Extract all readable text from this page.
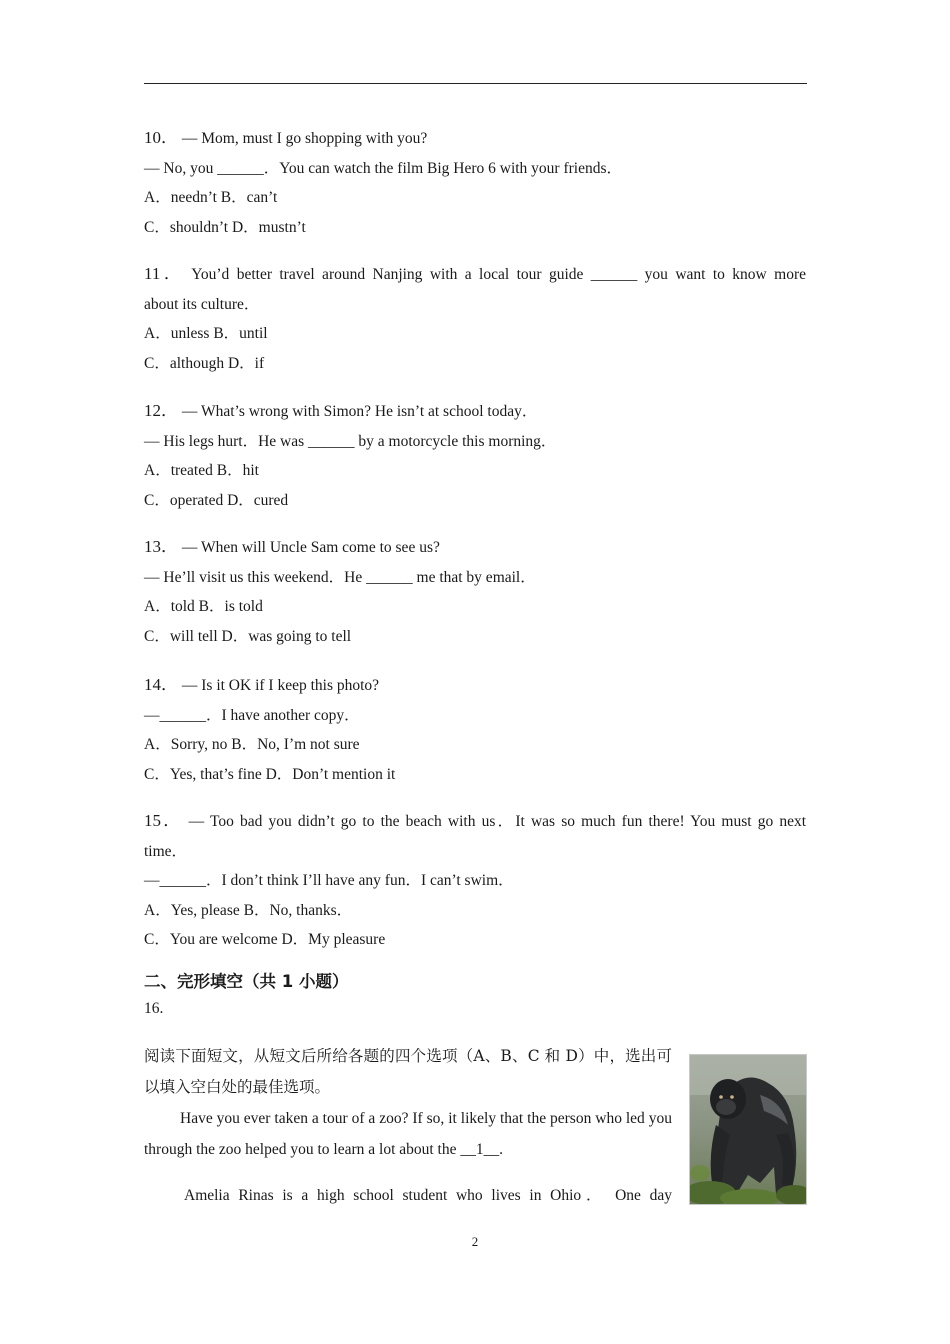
10． — Mom, must I go shopping with you?
— No, you ______．You can watch the film Big Hero 6 with your friends．
A．needn’t B．can’t
C．shouldn’t D．mustn’t
11． You’d better travel around Nanjing with a local tour guide ______ you want to know more
about its culture．
A．unless B．until
C．although D．if
12． — What’s wrong with Simon? He isn’t at school today．
— His legs hurt．He was ______ by a motorcycle this morning．
A．treated B．hit
C．operated D．cured
13． — When will Uncle Sam come to see us?
— He’ll visit us this weekend．He ______ me that by email．
A．told B．is told
C．will tell D．was going to tell
14． — Is it OK if I keep this photo?
—______．I have another copy．
A．Sorry, no B．No, I’m not sure
C．Yes, that’s fine D．Don’t mention it
15． — Too bad you didn’t go to the beach with us．It was so much fun there! You must go next
time．
—______．I don’t think I’ll have any fun．I can’t swim．
A．Yes, please B．No, thanks．
C．You are welcome D．My pleasure
二、完形填空（共 1 小题）
16.
阅读下面短文，从短文后所给各题的四个选项（A、B、C 和 D）中，选出可以填入空白处的最佳选项。
Have you ever taken a tour of a zoo? If so, it likely that the person who led you through the zoo helped you to learn a lot about the __1__.
Amelia Rinas is a high school student who lives in Ohio． One day
2
